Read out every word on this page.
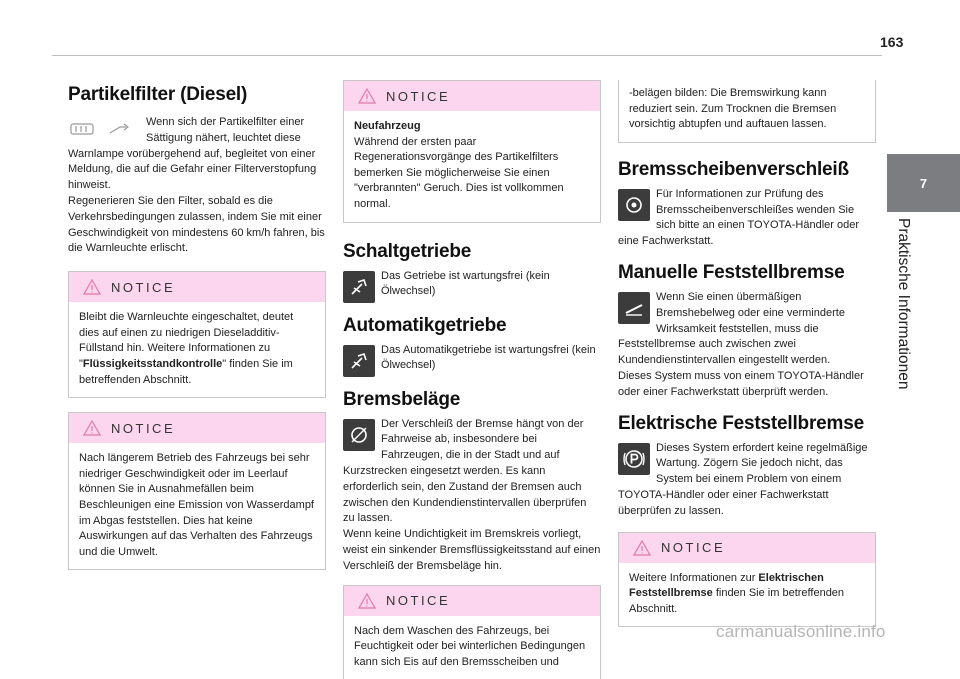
163
7
Praktische Informationen
Partikelfilter (Diesel)

Wenn sich der Partikelfilter einer

Sättigung nähert, leuchtet diese

Warnlampe vorübergehend auf, begleitet von einer Meldung, die auf die Gefahr einer Filterverstopfung hinweist.

Regenerieren Sie den Filter, sobald es die Verkehrsbedingungen zulassen, indem Sie mit einer Geschwindigkeit von mindestens 60 km/h fahren, bis die Warnleuchte erlischt.

NOTICE

Bleibt die Warnleuchte eingeschaltet, deutet dies auf einen zu niedrigen Dieseladditiv-Füllstand hin. Weitere Informationen zu "Flüssigkeitsstandkontrolle" finden Sie im betreffenden Abschnitt.

NOTICE

Nach längerem Betrieb des Fahrzeugs bei sehr niedriger Geschwindigkeit oder im Leerlauf können Sie in Ausnahmefällen beim Beschleunigen eine Emission von Wasserdampf im Abgas feststellen. Dies hat keine Auswirkungen auf das Verhalten des Fahrzeugs und die Umwelt.

NOTICE

Neufahrzeug

Während der ersten paar Regenerationsvorgänge des Partikelfilters bemerken Sie möglicherweise Sie einen "verbrannten" Geruch. Dies ist vollkommen normal.

Schaltgetriebe

Das Getriebe ist wartungsfrei (kein Ölwechsel)

Automatikgetriebe

Das Automatikgetriebe ist wartungsfrei (kein Ölwechsel)

Bremsbeläge

Der Verschleiß der Bremse hängt von der Fahrweise ab, insbesondere bei Fahrzeugen, die in der Stadt und auf Kurzstrecken eingesetzt werden. Es kann erforderlich sein, den Zustand der Bremsen auch zwischen den Kundendienstintervallen überprüfen zu lassen.

Wenn keine Undichtigkeit im Bremskreis vorliegt, weist ein sinkender Bremsflüssigkeitsstand auf einen Verschleiß der Bremsbeläge hin.

NOTICE

Nach dem Waschen des Fahrzeugs, bei Feuchtigkeit oder bei winterlichen Bedingungen kann sich Eis auf den Bremsscheiben und

-belägen bilden: Die Bremswirkung kann reduziert sein. Zum Trocknen die Bremsen vorsichtig abtupfen und auftauen lassen.

Bremsscheibenverschleiß

Für Informationen zur Prüfung des Bremsscheibenverschleißes wenden Sie sich bitte an einen TOYOTA-Händler oder eine Fachwerkstatt.

Manuelle Feststellbremse

Wenn Sie einen übermäßigen Bremshebelweg oder eine verminderte Wirksamkeit feststellen, muss die Feststellbremse auch zwischen zwei Kundendienstintervallen eingestellt werden.

Dieses System muss von einem TOYOTA-Händler oder einer Fachwerkstatt überprüft werden.

Elektrische Feststellbremse

Dieses System erfordert keine regelmäßige Wartung. Zögern Sie jedoch nicht, das System bei einem Problem von einem TOYOTA-Händler oder einer Fachwerkstatt überprüfen zu lassen.

NOTICE

Weitere Informationen zur Elektrischen Feststellbremse finden Sie im betreffenden Abschnitt.

carmanualsonline.info
